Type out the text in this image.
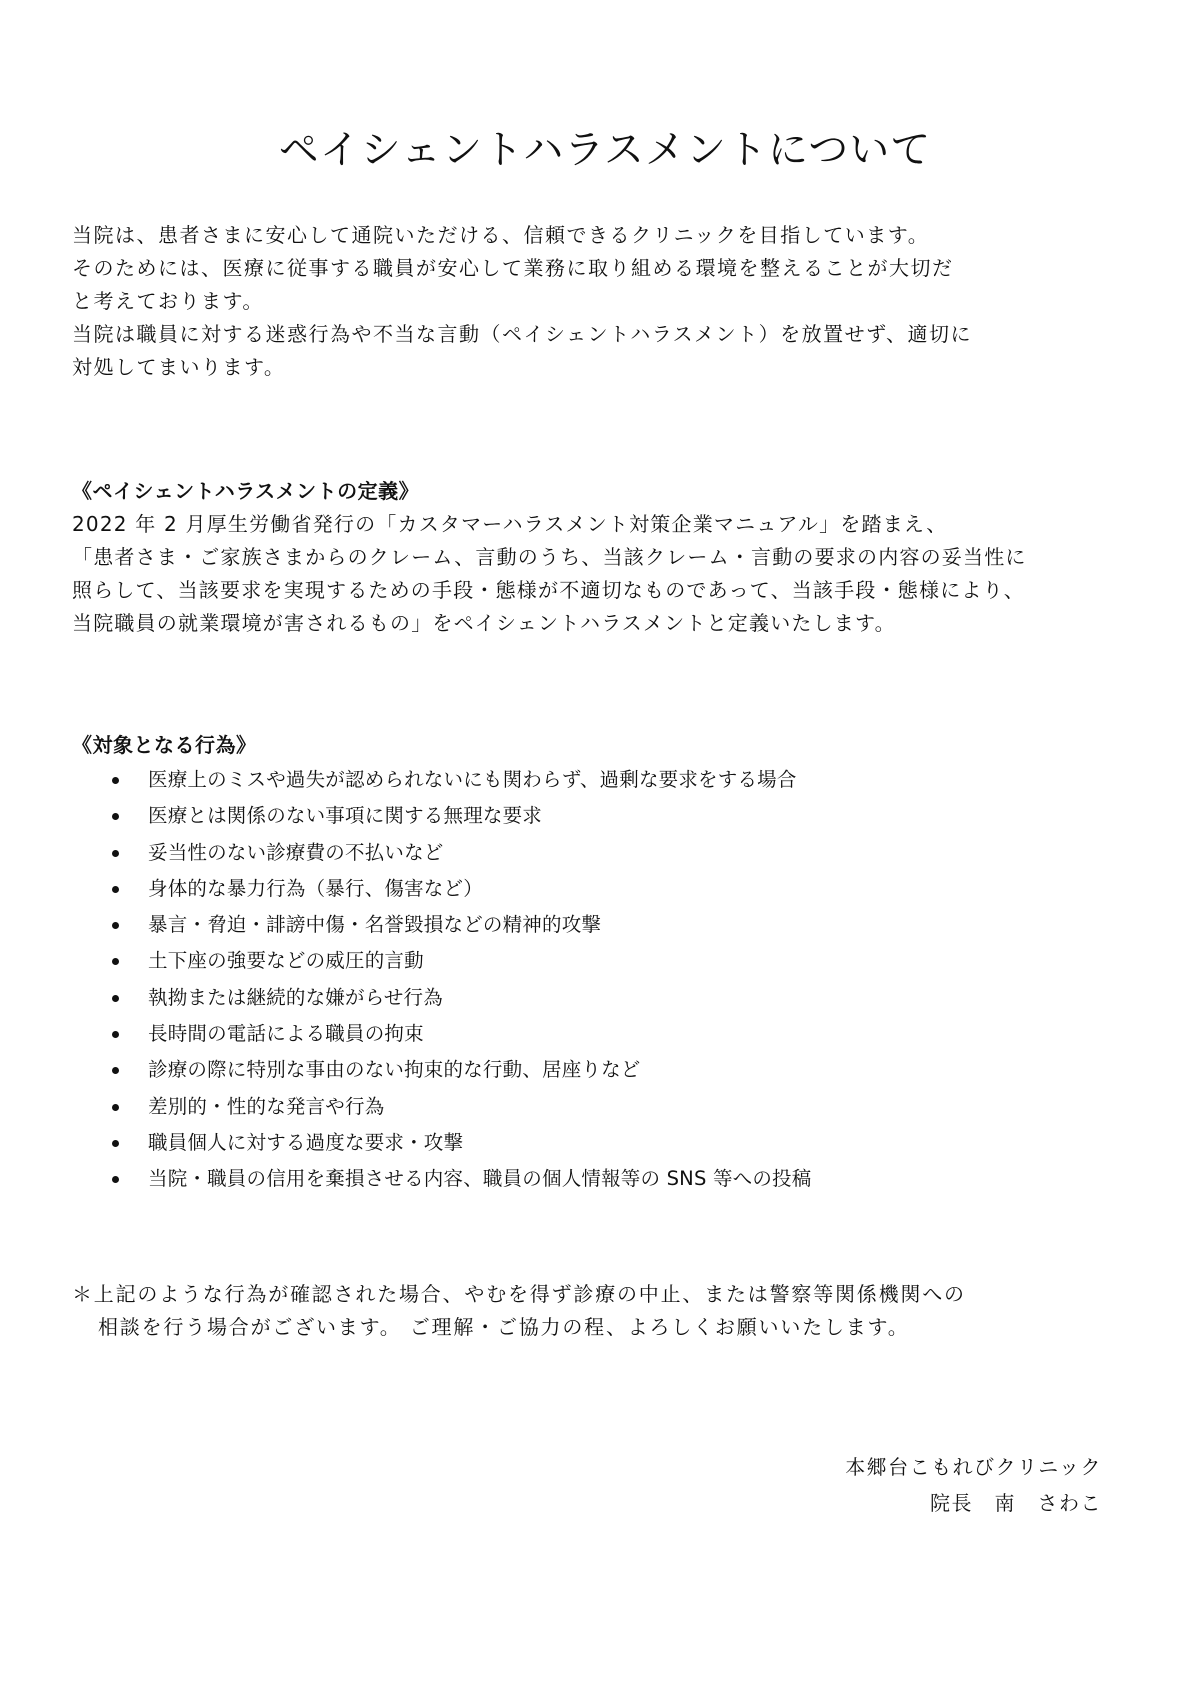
ペイシェントハラスメントについて

当院は、患者さまに安心して通院いただける、信頼できるクリニックを目指しています。

そのためには、医療に従事する職員が安心して業務に取り組める環境を整えることが大切だ

と考えております。

当院は職員に対する迷惑行為や不当な言動（ペイシェントハラスメント）を放置せず、適切に

対処してまいります。

《ペイシェントハラスメントの定義》

2022 年 2 月厚生労働省発行の「カスタマーハラスメント対策企業マニュアル」を踏まえ、

「患者さま・ご家族さまからのクレーム、言動のうち、当該クレーム・言動の要求の内容の妥当性に

照らして、当該要求を実現するための手段・態様が不適切なものであって、当該手段・態様により、

当院職員の就業環境が害されるもの」をペイシェントハラスメントと定義いたします。

《対象となる行為》

医療上のミスや過失が認められないにも関わらず、過剰な要求をする場合
医療とは関係のない事項に関する無理な要求
妥当性のない診療費の不払いなど
身体的な暴力行為（暴行、傷害など）
暴言・脅迫・誹謗中傷・名誉毀損などの精神的攻撃
土下座の強要などの威圧的言動
執拗または継続的な嫌がらせ行為
長時間の電話による職員の拘束
診療の際に特別な事由のない拘束的な行動、居座りなど
差別的・性的な発言や行為
職員個人に対する過度な要求・攻撃
当院・職員の信用を棄損させる内容、職員の個人情報等の SNS 等への投稿

＊上記のような行為が確認された場合、やむを得ず診療の中止、または警察等関係機関への

相談を行う場合がございます。 ご理解・ご協力の程、よろしくお願いいたします。

本郷台こもれびクリニック
院長　南　さわこ
